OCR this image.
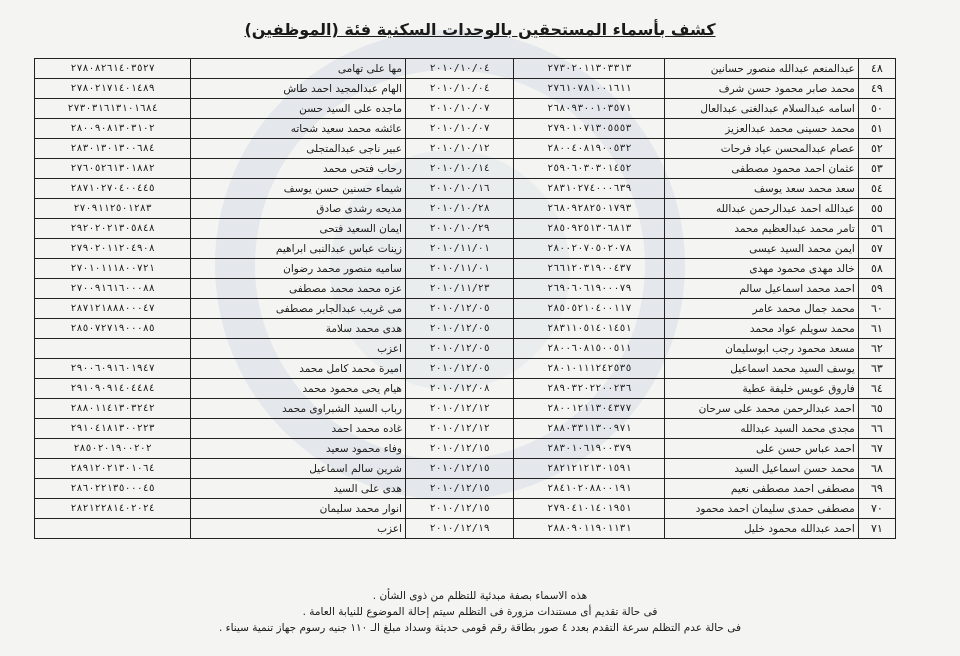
كشف بأسماء المستحقين بالوحدات السكنية فئة (الموظفين)
٤٨	عبدالمنعم عبدالله منصور حسانين	٢٧٣٠٢٠١١٣٠٣٣١٣	٢٠١٠/١٠/٠٤	مها على تهامى	٢٧٨٠٨٢٦١٤٠٣٥٢٧
٤٩	محمد صابر محمود حسن شرف	٢٧٦١٠٧٨١٠٠١٦١١	٢٠١٠/١٠/٠٤	الهام عبدالمجيد احمد طاش	٢٧٨٠٢١٧١٤٠١٤٨٩
٥٠	اسامه عبدالسلام عبدالغنى عبدالعال	٢٦٨٠٩٣٠٠١٠٣٥٧١	٢٠١٠/١٠/٠٧	ماجده على السيد حسن	٢٧٣٠٣١٦١٣١٠١٦٨٤
٥١	محمد حسينى محمد عبدالعزيز	٢٧٩٠١٠٧١٣٠٥٥٥٣	٢٠١٠/١٠/٠٧	عائشه محمد سعيد شحاته	٢٨٠٠٩٠٨١٣٠٣١٠٢
٥٢	عصام عبدالمحسن عياد فرحات	٢٨٠٠٤٠٨١٩٠٠٥٣٢	٢٠١٠/١٠/١٢	عبير ناجى عبدالمتجلى	٢٨٣٠١٣٠١٣٠٠٦٨٤
٥٣	عثمان احمد محمود مصطفى	٢٥٩٠٦٠٣٠٣٠١٤٥٢	٢٠١٠/١٠/١٤	رحاب فتحى محمد	٢٧٦٠٥٢٦١٣٠١٨٨٢
٥٤	سعد محمد سعد يوسف	٢٨٣١٠٢٧٤٠٠٠٦٣٩	٢٠١٠/١٠/١٦	شيماء حسنين حسن يوسف	٢٨٧١٠٢٧٠٤٠٠٤٤٥
٥٥	عبدالله احمد عبدالرحمن عبدالله	٢٦٨٠٩٢٨٢٥٠١٧٩٣	٢٠١٠/١٠/٢٨	مديحه رشدى صادق	٢٧٠٩١١٢٥٠١٢٨٣
٥٦	تامر محمد عبدالعظيم محمد	٢٨٥٠٩٢٥١٣٠٦٨١٣	٢٠١٠/١٠/٢٩	ايمان السعيد فتحى	٢٩٢٠٢٠٢١٣٠٥٨٤٨
٥٧	ايمن محمد السيد عيسى	٢٨٠٠٢٠٧٠٥٠٢٠٧٨	٢٠١٠/١١/٠١	زينات عباس عبدالنبى ابراهيم	٢٧٩٠٢٠١١٢٠٤٩٠٨
٥٨	خالد مهدى محمود مهدى	٢٦٦١٢٠٣١٩٠٠٤٣٧	٢٠١٠/١١/٠١	ساميه منصور محمد رضوان	٢٧٠١٠١١١٨٠٠٧٢١
٥٩	احمد محمد اسماعيل سالم	٢٦٩٠٦٠٦١٩٠٠٠٧٩	٢٠١٠/١١/٢٣	عزه محمد محمد مصطفى	٢٧٠٠٩١٦١٦٠٠٠٨٨
٦٠	محمد جمال محمد عامر	٢٨٥٠٥٢١٠٤٠٠١١٧	٢٠١٠/١٢/٠٥	مى غريب عبدالجابر مصطفى	٢٨٧١٢١٨٨٨٠٠٠٤٧
٦١	محمد سويلم عواد محمد	٢٨٣١١٠٥١٤٠١٤٥١	٢٠١٠/١٢/٠٥	هدى محمد سلامة	٢٨٥٠٧٢٧١٩٠٠٠٨٥
٦٢	مسعد محمود رجب ابوسليمان	٢٨٠٠٦٠٨١٥٠٠٥١١	٢٠١٠/١٢/٠٥	اعزب	
٦٣	يوسف السيد محمد اسماعيل	٢٨٠١٠١١١٢٤٢٥٣٥	٢٠١٠/١٢/٠٥	اميرة محمد كامل محمد	٢٩٠٠٦٠٩١٦٠١٩٤٧
٦٤	فاروق عويس خليفة عطية	٢٨٩٠٣٢٠٢٢٠٠٢٣٦	٢٠١٠/١٢/٠٨	هيام يحى محمود محمد	٢٩١٠٩٠٩١٤٠٤٤٨٤
٦٥	احمد عبدالرحمن محمد على سرحان	٢٨٠٠١٢١١٣٠٤٣٧٧	٢٠١٠/١٢/١٢	رباب السيد الشبراوى محمد	٢٨٨٠١١٤١٣٠٣٢٤٢
٦٦	مجدى محمد السيد عبدالله	٢٨٨٠٣٣١١٣٠٠٩٧١	٢٠١٠/١٢/١٢	غاده محمد احمد	٢٩١٠٤١٨١٣٠٠٢٢٣
٦٧	احمد عباس حسن على	٢٨٣٠١٠٦١٩٠٠٣٧٩	٢٠١٠/١٢/١٥	وفاء محمود سعيد	٢٨٥٠٢٠١٩٠٠٢٠٢
٦٨	محمد حسن اسماعيل السيد	٢٨٢١٢١٢١٣٠١٥٩١	٢٠١٠/١٢/١٥	شرين سالم اسماعيل	٢٨٩١٢٠٢١٣٠١٠٦٤
٦٩	مصطفى احمد مصطفى نعيم	٢٨٤١٠٢٠٨٨٠٠١٩١	٢٠١٠/١٢/١٥	هدى على السيد	٢٨٦٠٢٢١٣٥٠٠٠٤٥
٧٠	مصطفى حمدى سليمان احمد محمود	٢٧٩٠٤١٠١٤٠١٩٥١	٢٠١٠/١٢/١٥	انوار محمد سليمان	٢٨٢١٢٢٨١٤٠٢٠٢٤
٧١	احمد عبدالله محمود خليل	٢٨٨٠٩٠١١٩٠١١٣١	٢٠١٠/١٢/١٩	اعزب	
هذه الاسماء بصفة مبدئية للتظلم من ذوى الشأن .
فى حالة تقديم أى مستندات مزورة فى التظلم سيتم إحالة الموضوع للنيابة العامة .
فى حالة عدم التظلم سرعة التقدم بعدد ٤ صور بطاقة رقم قومى حديثة وسداد مبلغ الـ ١١٠ جنيه رسوم جهاز تنمية سيناء .
